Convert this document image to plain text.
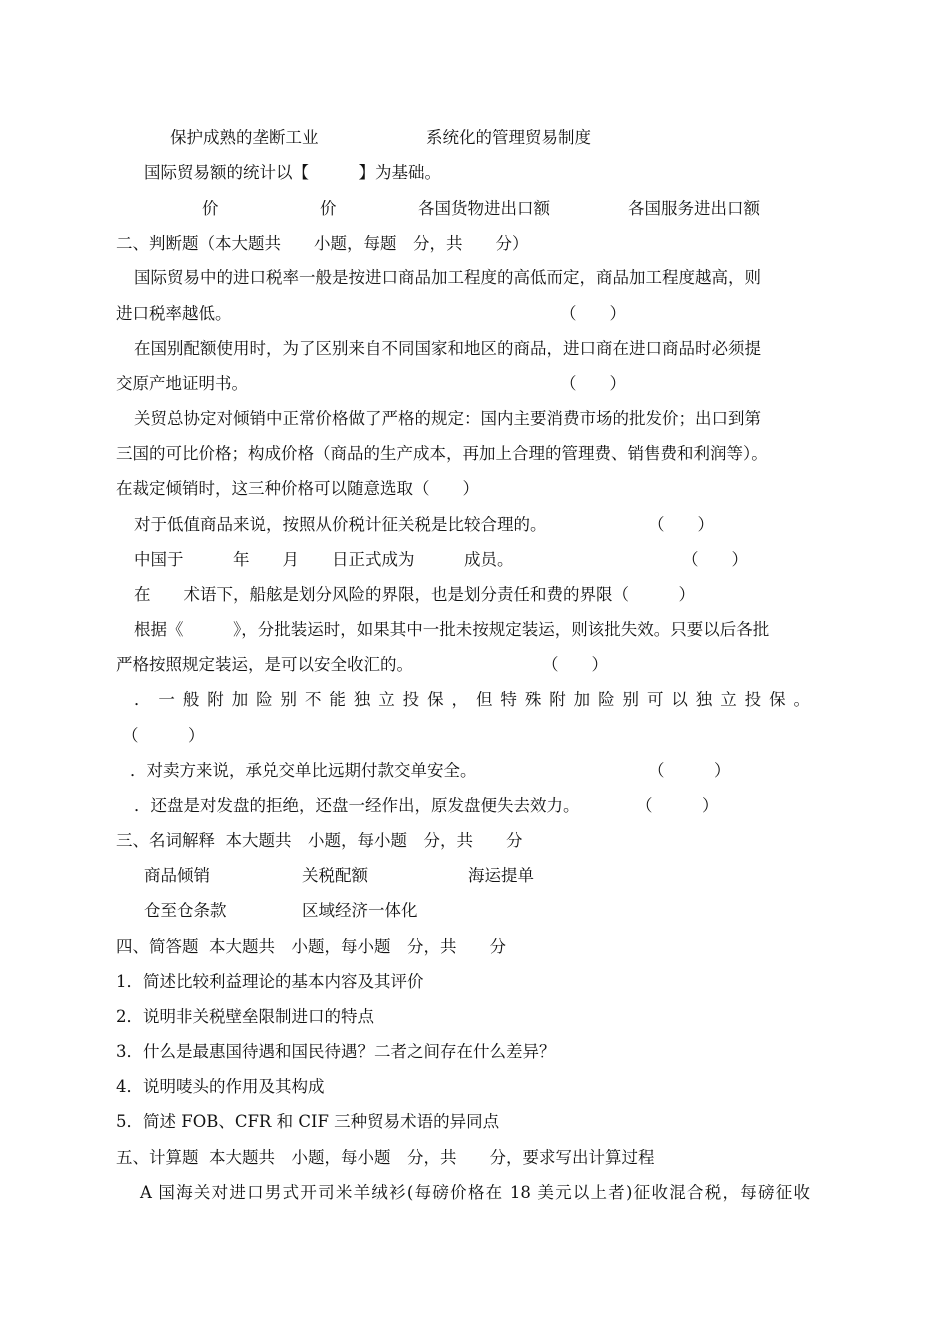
保护成熟的垄断工业	系统化的管理贸易制度
国际贸易额的统计以【　　　】为基础。
价	价	各国货物进出口额	各国服务进出口额
二、判断题（本大题共　　小题，每题　分，共　　分）
国际贸易中的进口税率一般是按进口商品加工程度的高低而定，商品加工程度越高，则
进口税率越低。	（　　）
在国别配额使用时，为了区别来自不同国家和地区的商品，进口商在进口商品时必须提
交原产地证明书。	（　　）
关贸总协定对倾销中正常价格做了严格的规定：国内主要消费市场的批发价；出口到第
三国的可比价格；构成价格（商品的生产成本，再加上合理的管理费、销售费和利润等）。
在裁定倾销时，这三种价格可以随意选取（　　）
对于低值商品来说，按照从价税计征关税是比较合理的。	（　　）
中国于　　　年　　月　　日正式成为　　　成员。	（　　）
在　　术语下，船舷是划分风险的界限，也是划分责任和费的界限（　　　）
根据《　　　》，分批装运时，如果其中一批未按规定装运，则该批失效。只要以后各批
严格按照规定装运，是可以安全收汇的。	（　　）
．一般附加险别不能独立投保，但特殊附加险别可以独立投保。
（　　　）
．对卖方来说，承兑交单比远期付款交单安全。	（　　　）
．还盘是对发盘的拒绝，还盘一经作出，原发盘便失去效力。	（　　　）
三、名词解释  本大题共　小题，每小题　分，共　　分
商品倾销	关税配额	海运提单
仓至仓条款	区域经济一体化
四、简答题  本大题共　小题，每小题　分，共　　分
1．简述比较利益理论的基本内容及其评价
2．说明非关税壁垒限制进口的特点
3．什么是最惠国待遇和国民待遇？二者之间存在什么差异？
4．说明唛头的作用及其构成
5．简述 FOB、CFR 和 CIF 三种贸易术语的异同点
五、计算题  本大题共　小题，每小题　分，共　　分，要求写出计算过程
A 国海关对进口男式开司米羊绒衫(每磅价格在 18 美元以上者)征收混合税，每磅征收
